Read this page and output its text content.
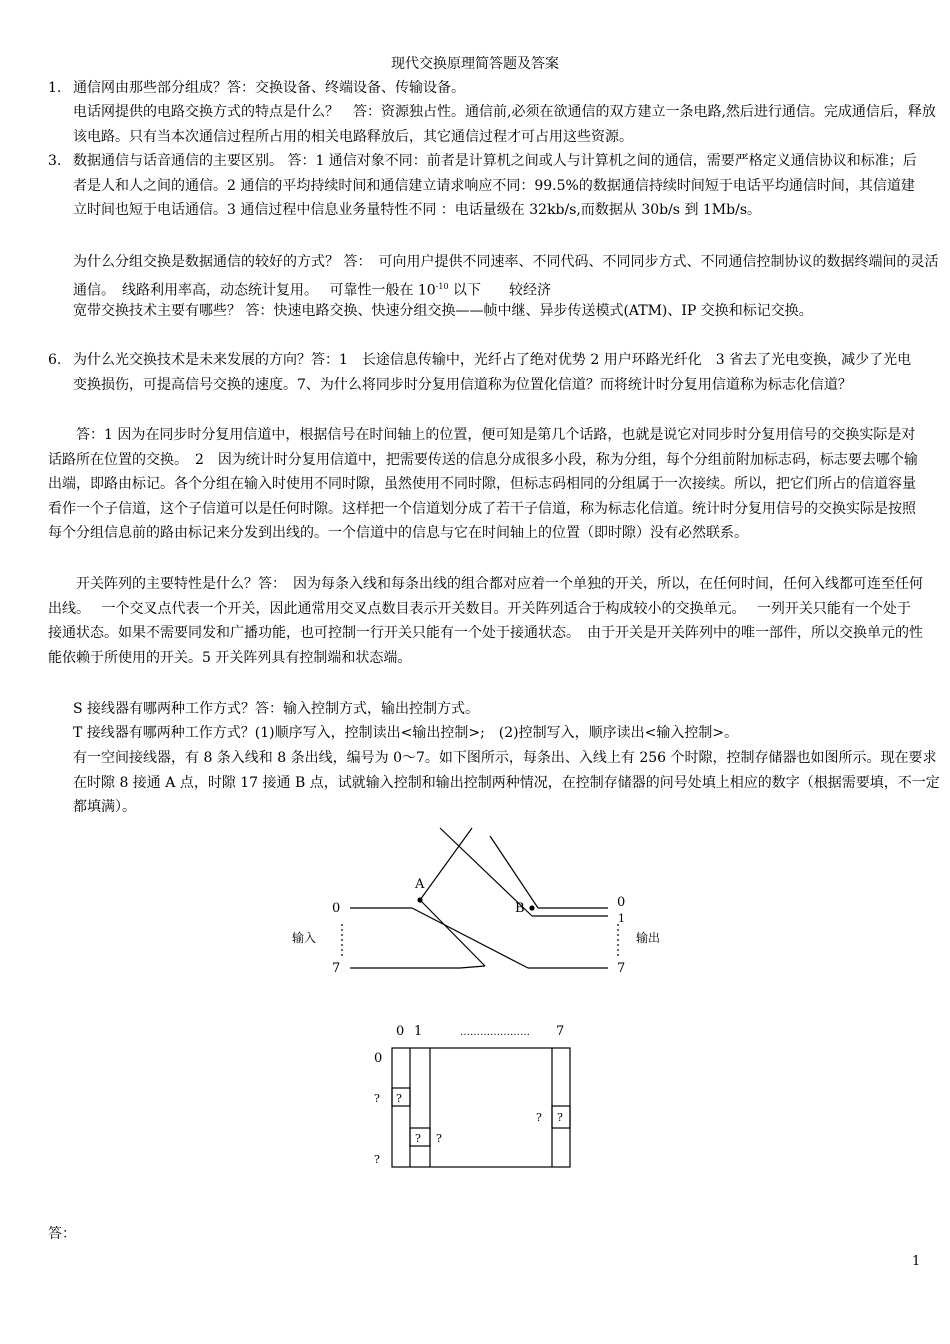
现代交换原理简答题及答案
1. 通信网由那些部分组成？答：交换设备、终端设备、传输设备。
电话网提供的电路交换方式的特点是什么？　答：资源独占性。通信前,必须在欲通信的双方建立一条电路,然后进行通信。完成通信后，释放该电路。只有当本次通信过程所占用的相关电路释放后，其它通信过程才可占用这些资源。
3. 数据通信与话音通信的主要区别。 答：1 通信对象不同：前者是计算机之间或人与计算机之间的通信，需要严格定义通信协议和标准；后者是人和人之间的通信。2 通信的平均持续时间和通信建立请求响应不同：99.5%的数据通信持续时间短于电话平均通信时间，其信道建立时间也短于电话通信。3 通信过程中信息业务量特性不同 ：电话量级在 32kb/s,而数据从 30b/s 到 1Mb/s。
为什么分组交换是数据通信的较好的方式？ 答：　可向用户提供不同速率、不同代码、不同同步方式、不同通信控制协议的数据终端间的灵活通信。　线路利用率高，动态统计复用。　 可靠性一般在 $10^{-10}$ 以下　　较经济
宽带交换技术主要有哪些？ 答：快速电路交换、快速分组交换——帧中继、异步传送模式(ATM)、IP 交换和标记交换。
6. 为什么光交换技术是未来发展的方向？答：1　长途信息传输中，光纤占了绝对优势 2 用户环路光纤化　3 省去了光电变换，减少了光电变换损伤，可提高信号交换的速度。7、为什么将同步时分复用信道称为位置化信道？而将统计时分复用信道称为标志化信道？
答：1 因为在同步时分复用信道中，根据信号在时间轴上的位置，便可知是第几个话路，也就是说它对同步时分复用信号的交换实际是对话路所在位置的交换。　2　因为统计时分复用信道中，把需要传送的信息分成很多小段，称为分组，每个分组前附加标志码，标志要去哪个输出端，即路由标记。各个分组在输入时使用不同时隙，虽然使用不同时隙，但标志码相同的分组属于一次接续。所以，把它们所占的信道容量看作一个子信道，这个子信道可以是任何时隙。这样把一个信道划分成了若干子信道，称为标志化信道。统计时分复用信号的交换实际是按照每个分组信息前的路由标记来分发到出线的。一个信道中的信息与它在时间轴上的位置（即时隙）没有必然联系。
开关阵列的主要特性是什么？答：　因为每条入线和每条出线的组合都对应着一个单独的开关，所以，在任何时间，任何入线都可连至任何出线。　 一个交叉点代表一个开关，因此通常用交叉点数目表示开关数目。开关阵列适合于构成较小的交换单元。　 一列开关只能有一个处于接通状态。如果不需要同发和广播功能，也可控制一行开关只能有一个处于接通状态。　由于开关是开关阵列中的唯一部件，所以交换单元的性能依赖于所使用的开关。5 开关阵列具有控制端和状态端。
S 接线器有哪两种工作方式？答：输入控制方式，输出控制方式。
T 接线器有哪两种工作方式？(1)顺序写入，控制读出<输出控制>;　(2)控制写入，顺序读出<输入控制>。
有一空间接线器，有 8 条入线和 8 条出线，编号为 0～7。如下图所示，每条出、入线上有 256 个时隙，控制存储器也如图所示。现在要求在时隙 8 接通 A 点，时隙 17 接通 B 点，试就输入控制和输出控制两种情况，在控制存储器的问号处填上相应的数字（根据需要填，不一定都填满）。
A
B
0
7
输入
0
1
7
输出
0 1	………………… 7
0
? ?
? ?
? ?
?
答：
1
